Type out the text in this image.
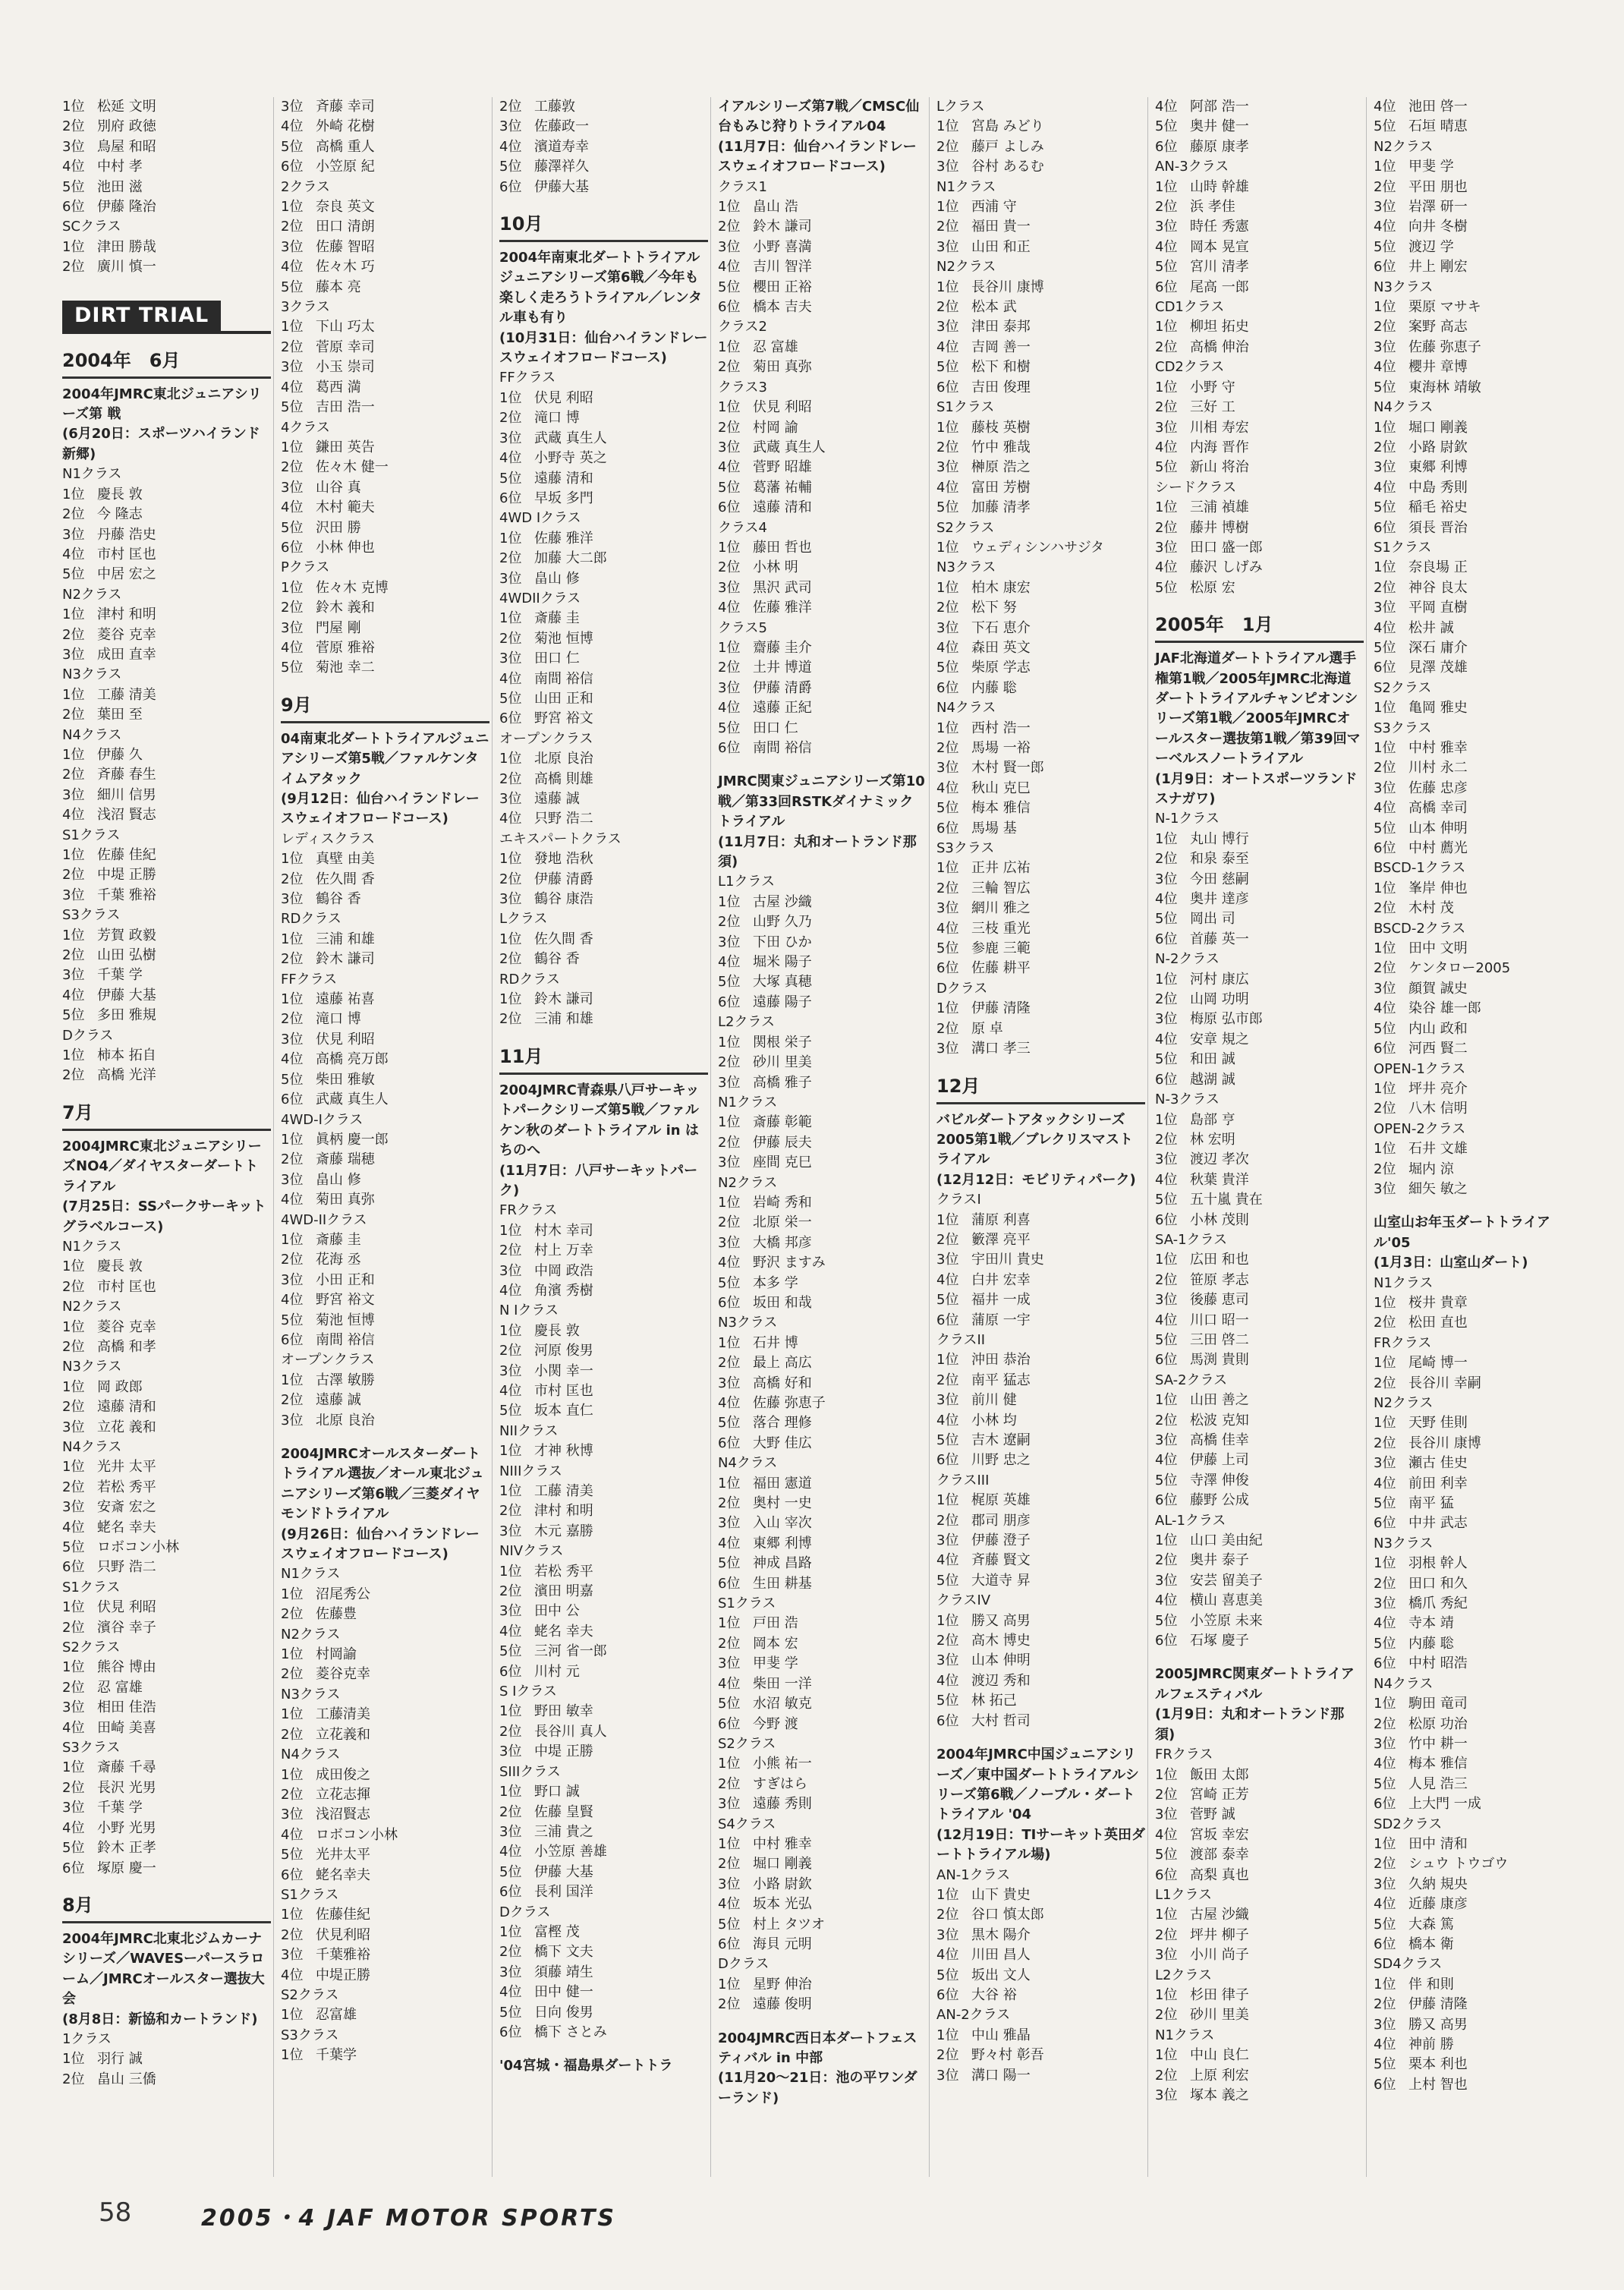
1位 松延 文明
2位 別府 政徳
3位 鳥屋 和昭
4位 中村 孝
5位 池田 滋
6位 伊藤 隆治
SCクラス
1位 津田 勝哉
2位 廣川 慎一
DIRT TRIAL
2004年　6月
2004年JMRC東北ジュニアシリーズ第 戦
(6月20日：スポーツハイランド新郷)
N1クラス
1位 慶長 敦
2位 今 隆志
3位 丹藤 浩史
4位 市村 匡也
5位 中居 宏之
N2クラス
1位 津村 和明
2位 菱谷 克幸
3位 成田 直幸
N3クラス
1位 工藤 清美
2位 葉田 至
N4クラス
1位 伊藤 久
2位 斉藤 春生
3位 細川 信男
4位 浅沼 賢志
S1クラス
1位 佐藤 佳紀
2位 中堤 正勝
3位 千葉 雅裕
S3クラス
1位 芳賀 政毅
2位 山田 弘樹
3位 千葉 学
4位 伊藤 大基
5位 多田 雅規
Dクラス
1位 柿本 拓自
2位 高橋 光洋
7月
2004JMRC東北ジュニアシリーズNO4／ダイヤスターダートトライアル
(7月25日：SSパークサーキットグラベルコース)
N1クラス
1位 慶長 敦
2位 市村 匡也
N2クラス
1位 菱谷 克幸
2位 高橋 和孝
N3クラス
1位 岡 政郎
2位 遠藤 清和
3位 立花 義和
N4クラス
1位 光井 太平
2位 若松 秀平
3位 安斎 宏之
4位 蛯名 幸夫
5位 ロボコン小林
6位 只野 浩二
S1クラス
1位 伏見 利昭
2位 濱谷 幸子
S2クラス
1位 熊谷 博由
2位 忍 富雄
3位 相田 佳浩
4位 田崎 美喜
S3クラス
1位 斎藤 千尋
2位 長沢 光男
3位 千葉 学
4位 小野 光男
5位 鈴木 正孝
6位 塚原 慶一
8月
2004年JMRC北東北ジムカーナシリーズ／WAVESーパースラローム／JMRCオールスター選抜大会
(8月8日：新協和カートランド)
1クラス
1位 羽行 誠
2位 畠山 三僑
3位 斉藤 幸司
4位 外崎 花樹
5位 高橋 重人
6位 小笠原 紀
2クラス
1位 奈良 英文
2位 田口 清朗
3位 佐藤 智昭
4位 佐々木 巧
5位 藤本 亮
3クラス
1位 下山 巧太
2位 菅原 幸司
3位 小玉 崇司
4位 葛西 満
5位 吉田 浩一
4クラス
1位 鎌田 英告
2位 佐々木 健一
3位 山谷 真
4位 木村 範夫
5位 沢田 勝
6位 小林 伸也
Pクラス
1位 佐々木 克博
2位 鈴木 義和
3位 門屋 剛
4位 菅原 雅裕
5位 菊池 幸二
9月
04南東北ダートトライアルジュニアシリーズ第5戦／ファルケンタイムアタック
(9月12日：仙台ハイランドレースウェイオフロードコース)
レディスクラス
1位 真壁 由美
2位 佐久間 香
3位 鶴谷 香
RDクラス
1位 三浦 和雄
2位 鈴木 謙司
FFクラス
1位 遠藤 祐喜
2位 滝口 博
3位 伏見 利昭
4位 高橋 亮万郎
5位 柴田 雅敏
6位 武蔵 真生人
4WD-Iクラス
1位 眞柄 慶一郎
2位 斎藤 瑞穂
3位 畠山 修
4位 菊田 真弥
4WD-IIクラス
1位 斎藤 圭
2位 花海 丞
3位 小田 正和
4位 野宮 裕文
5位 菊池 恒博
6位 南間 裕信
オープンクラス
1位 古澤 敏勝
2位 遠藤 誠
3位 北原 良治
2004JMRCオールスターダートトライアル選抜／オール東北ジュニアシリーズ第6戦／三菱ダイヤモンドトライアル
(9月26日：仙台ハイランドレースウェイオフロードコース)
N1クラス
1位 沼尾秀公
2位 佐藤豊
N2クラス
1位 村岡諭
2位 菱谷克幸
N3クラス
1位 工藤清美
2位 立花義和
N4クラス
1位 成田俊之
2位 立花志揮
3位 浅沼賢志
4位 ロボコン小林
5位 光井太平
6位 蛯名幸夫
S1クラス
1位 佐藤佳紀
2位 伏見利昭
3位 千葉雅裕
4位 中堤正勝
S2クラス
1位 忍富雄
S3クラス
1位 千葉学
2位 工藤敦
3位 佐藤政一
4位 濱道寿幸
5位 藤澤祥久
6位 伊藤大基
10月
2004年南東北ダートトライアルジュニアシリーズ第6戦／今年も楽しく走ろうトライアル／レンタル車も有り
(10月31日：仙台ハイランドレースウェイオフロードコース)
FFクラス
1位 伏見 利昭
2位 滝口 博
3位 武蔵 真生人
4位 小野寺 英之
5位 遠藤 清和
6位 早坂 多門
4WD Iクラス
1位 佐藤 雅洋
2位 加藤 大二郎
3位 畠山 修
4WDIIクラス
1位 斎藤 圭
2位 菊池 恒博
3位 田口 仁
4位 南間 裕信
5位 山田 正和
6位 野宮 裕文
オープンクラス
1位 北原 良治
2位 高橋 則雄
3位 遠藤 誠
4位 只野 浩二
エキスパートクラス
1位 發地 浩秋
2位 伊藤 清爵
3位 鶴谷 康浩
Lクラス
1位 佐久間 香
2位 鶴谷 香
RDクラス
1位 鈴木 謙司
2位 三浦 和雄
11月
2004JMRC青森県八戸サーキットパークシリーズ第5戦／ファルケン秋のダートトライアル in はちのへ
(11月7日：八戸サーキットパーク)
FRクラス
1位 村木 幸司
2位 村上 万幸
3位 中岡 政浩
4位 角濱 秀樹
N Iクラス
1位 慶長 敦
2位 河原 俊男
3位 小関 幸一
4位 市村 匡也
5位 坂本 直仁
NIIクラス
1位 才神 秋博
NIIIクラス
1位 工藤 清美
2位 津村 和明
3位 木元 嘉勝
NIVクラス
1位 若松 秀平
2位 濱田 明嘉
3位 田中 公
4位 蛯名 幸夫
5位 三河 省一郎
6位 川村 元
S Iクラス
1位 野田 敏幸
2位 長谷川 真人
3位 中堤 正勝
SIIIクラス
1位 野口 誠
2位 佐藤 皇賢
3位 三浦 貴之
4位 小笠原 善雄
5位 伊藤 大基
6位 長利 国洋
Dクラス
1位 富樫 茂
2位 橋下 文夫
3位 須藤 靖生
4位 田中 健一
5位 日向 俊男
6位 橋下 さとみ
'04宮城・福島県ダートトラ
イアルシリーズ第7戦／CMSC仙台もみじ狩りトライアル04
(11月7日：仙台ハイランドレースウェイオフロードコース)
クラス1
1位 畠山 浩
2位 鈴木 謙司
3位 小野 喜満
4位 吉川 智洋
5位 櫻田 正裕
6位 橋本 吉夫
クラス2
1位 忍 富雄
2位 菊田 真弥
クラス3
1位 伏見 利昭
2位 村岡 諭
3位 武蔵 真生人
4位 菅野 昭雄
5位 葛藩 祐輔
6位 遠藤 清和
クラス4
1位 藤田 哲也
2位 小林 明
3位 黒沢 武司
4位 佐藤 雅洋
クラス5
1位 齋藤 圭介
2位 土井 博道
3位 伊藤 清爵
4位 遠藤 正紀
5位 田口 仁
6位 南間 裕信
JMRC関東ジュニアシリーズ第10戦／第33回RSTKダイナミックトライアル
(11月7日：丸和オートランド那須)
L1クラス
1位 古屋 沙織
2位 山野 久乃
3位 下田 ひか
4位 堀米 陽子
5位 大塚 真穂
6位 遠藤 陽子
L2クラス
1位 関根 栄子
2位 砂川 里美
3位 高橋 雅子
N1クラス
1位 斎藤 彰範
2位 伊藤 辰夫
3位 座間 克巳
N2クラス
1位 岩崎 秀和
2位 北原 栄一
3位 大橋 邦彦
4位 野沢 ますみ
5位 本多 学
6位 坂田 和哉
N3クラス
1位 石井 博
2位 最上 高広
3位 高橋 好和
4位 佐藤 弥恵子
5位 落合 理修
6位 大野 佳広
N4クラス
1位 福田 憲道
2位 奥村 一史
3位 入山 宰次
4位 東郷 利博
5位 神成 昌路
6位 生田 耕基
S1クラス
1位 戸田 浩
2位 岡本 宏
3位 甲斐 学
4位 柴田 一洋
5位 水沼 敏克
6位 今野 渡
S2クラス
1位 小熊 祐一
2位 すぎはら
3位 遠藤 秀則
S4クラス
1位 中村 雅幸
2位 堀口 剛義
3位 小路 尉欽
4位 坂本 光弘
5位 村上 タツオ
6位 海貝 元明
Dクラス
1位 星野 伸治
2位 遠藤 俊明
2004JMRC西日本ダートフェスティバル in 中部
(11月20〜21日：池の平ワンダーランド)
Lクラス
1位 宮島 みどり
2位 藤戸 よしみ
3位 谷村 あるむ
N1クラス
1位 西浦 守
2位 福田 貴一
3位 山田 和正
N2クラス
1位 長谷川 康博
2位 松本 武
3位 津田 泰邦
4位 吉岡 善一
5位 松下 和樹
6位 吉田 俊理
S1クラス
1位 藤枝 英樹
2位 竹中 雅哉
3位 榊原 浩之
4位 富田 芳樹
5位 加藤 清孝
S2クラス
1位 ウェディシンハサジタ
N3クラス
1位 柏木 康宏
2位 松下 努
3位 下石 恵介
4位 森田 英文
5位 柴原 学志
6位 内藤 聡
N4クラス
1位 西村 浩一
2位 馬場 一裕
3位 木村 賢一郎
4位 秋山 克巳
5位 梅本 雅信
6位 馬場 基
S3クラス
1位 正井 広祐
2位 三輪 智広
3位 網川 雅之
4位 三枝 重光
5位 参鹿 三範
6位 佐藤 耕平
Dクラス
1位 伊藤 清隆
2位 原 卓
3位 溝口 孝三
12月
バビルダートアタックシリーズ2005第1戦／ブレクリスマストライアル
(12月12日：モビリティパーク)
クラスI
1位 蒲原 利喜
2位 籔澤 亮平
3位 宇田川 貴史
4位 白井 宏幸
5位 福井 一成
6位 蒲原 一宇
クラスII
1位 沖田 恭治
2位 南平 猛志
3位 前川 健
4位 小林 均
5位 吉木 遼嗣
6位 川野 忠之
クラスIII
1位 梶原 英雄
2位 郡司 朋彦
3位 伊藤 澄子
4位 斉藤 賢文
5位 大道寺 昇
クラスIV
1位 勝又 高男
2位 高木 博史
3位 山本 伸明
4位 渡辺 秀和
5位 林 拓己
6位 大村 哲司
2004年JMRC中国ジュニアシリーズ／東中国ダートトライアルシリーズ第6戦／ノーブル・ダートトライアル '04
(12月19日：TIサーキット英田ダートトライアル場)
AN-1クラス
1位 山下 貴史
2位 谷口 慎太郎
3位 黒木 陽介
4位 川田 昌人
5位 坂出 文人
6位 大谷 裕
AN-2クラス
1位 中山 雅晶
2位 野々村 彰吾
3位 溝口 陽一
4位 阿部 浩一
5位 奥井 健一
6位 藤原 康孝
AN-3クラス
1位 山時 幹雄
2位 浜 孝佳
3位 時任 秀憲
4位 岡本 晃宣
5位 宮川 清孝
6位 尾高 一郎
CD1クラス
1位 柳坦 拓史
2位 高橋 伸治
CD2クラス
1位 小野 守
2位 三好 工
3位 川相 寿宏
4位 内海 晋作
5位 新山 将治
シードクラス
1位 三浦 禎雄
2位 藤井 博樹
3位 田口 盛一郎
4位 藤沢 しげみ
5位 松原 宏
2005年　1月
JAF北海道ダートトライアル選手権第1戦／2005年JMRC北海道ダートトライアルチャンピオンシリーズ第1戦／2005年JMRCオールスター選抜第1戦／第39回マーベルスノートライアル
(1月9日：オートスポーツランドスナガワ)
N-1クラス
1位 丸山 博行
2位 和泉 泰至
3位 今田 慈嗣
4位 奥井 達彦
5位 岡出 司
6位 首藤 英一
N-2クラス
1位 河村 康広
2位 山岡 功明
3位 梅原 弘市郎
4位 安章 規之
5位 和田 誠
6位 越湖 誠
N-3クラス
1位 島部 亨
2位 林 宏明
3位 渡辺 孝次
4位 秋葉 貴洋
5位 五十嵐 貴在
6位 小林 茂則
SA-1クラス
1位 広田 和也
2位 笹原 孝志
3位 後藤 恵司
4位 川口 昭一
5位 三田 啓二
6位 馬渕 貴則
SA-2クラス
1位 山田 善之
2位 松波 克知
3位 高橋 佳幸
4位 伊藤 上司
5位 寺澤 伸俊
6位 藤野 公成
AL-1クラス
1位 山口 美由紀
2位 奥井 泰子
3位 安芸 留美子
4位 横山 喜恵美
5位 小笠原 未来
6位 石塚 慶子
2005JMRC関東ダートトライアルフェスティバル
(1月9日：丸和オートランド那須)
FRクラス
1位 飯田 太郎
2位 宮崎 正芳
3位 菅野 誠
4位 宮坂 幸宏
5位 渡部 泰幸
6位 高梨 真也
L1クラス
1位 古屋 沙織
2位 坪井 柳子
3位 小川 尚子
L2クラス
1位 杉田 律子
2位 砂川 里美
N1クラス
1位 中山 良仁
2位 上原 利宏
3位 塚本 義之
4位 池田 啓一
5位 石垣 晴恵
N2クラス
1位 甲斐 学
2位 平田 朋也
3位 岩澤 研一
4位 向井 冬樹
5位 渡辺 学
6位 井上 剛宏
N3クラス
1位 栗原 マサキ
2位 案野 高志
3位 佐藤 弥恵子
4位 櫻井 章博
5位 東海林 靖敏
N4クラス
1位 堀口 剛義
2位 小路 尉欽
3位 東郷 利博
4位 中島 秀則
5位 稲毛 裕史
6位 須長 晋治
S1クラス
1位 奈良場 正
2位 神谷 良太
3位 平岡 直樹
4位 松井 誠
5位 深石 庸介
6位 見澤 茂雄
S2クラス
1位 亀岡 雅史
S3クラス
1位 中村 雅幸
2位 川村 永二
3位 佐藤 忠彦
4位 高橋 幸司
5位 山本 伸明
6位 中村 薦光
BSCD-1クラス
1位 峯岸 伸也
2位 木村 茂
BSCD-2クラス
1位 田中 文明
2位 ケンタロー2005
3位 顔賀 誠史
4位 染谷 雄一郎
5位 内山 政和
6位 河西 賢二
OPEN-1クラス
1位 坪井 亮介
2位 八木 信明
OPEN-2クラス
1位 石井 文雄
2位 堀内 涼
3位 細矢 敏之
山室山お年玉ダートトライアル'05
(1月3日：山室山ダート)
N1クラス
1位 桜井 貴章
2位 松田 直也
FRクラス
1位 尾崎 博一
2位 長谷川 幸嗣
N2クラス
1位 天野 佳則
2位 長谷川 康博
3位 瀬古 佳史
4位 前田 利幸
5位 南平 猛
6位 中井 武志
N3クラス
1位 羽根 幹人
2位 田口 和久
3位 橋爪 秀紀
4位 寺本 靖
5位 内藤 聡
6位 中村 昭浩
N4クラス
1位 駒田 竜司
2位 松原 功治
3位 竹中 耕一
4位 梅本 雅信
5位 人見 浩三
6位 上大門 一成
SD2クラス
1位 田中 清和
2位 シュウ トウゴウ
3位 久納 規央
4位 近藤 康彦
5位 大森 篤
6位 橋本 衛
SD4クラス
1位 伴 和則
2位 伊藤 清隆
3位 勝又 高男
4位 神前 勝
5位 栗本 利也
6位 上村 智也
58	2005・4 JAF MOTOR SPORTS
